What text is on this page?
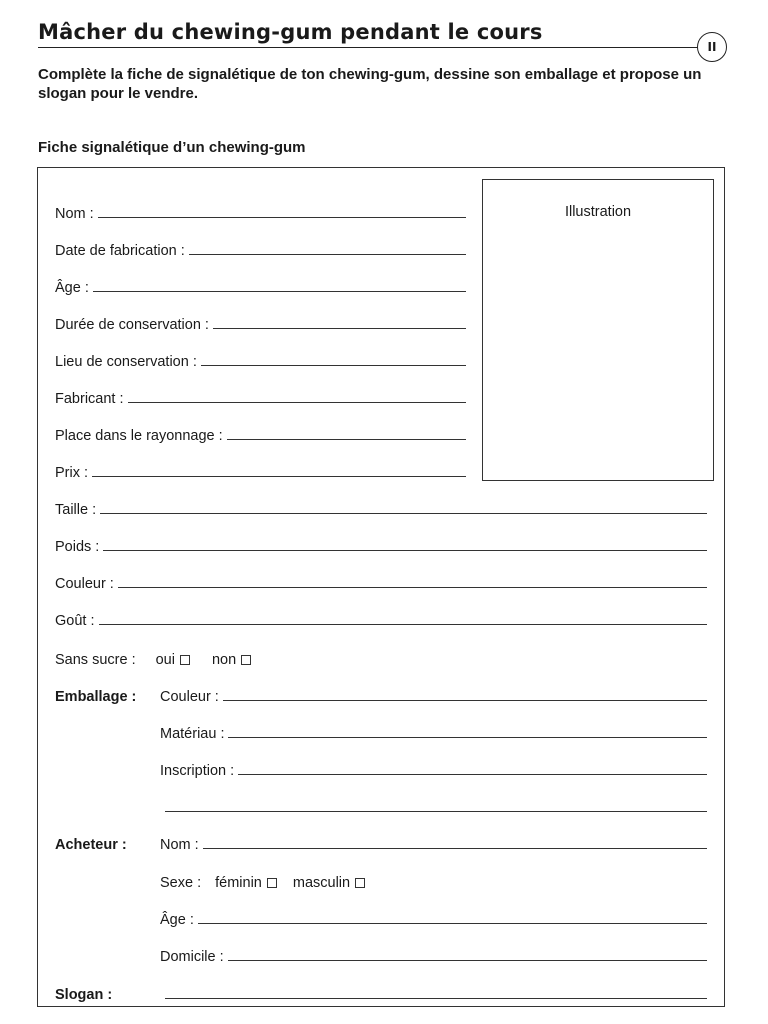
Mâcher du chewing-gum pendant le cours
II
Complète la fiche de signalétique de ton chewing-gum, dessine son emballage et propose un slogan pour le vendre.
Fiche signalétique d’un chewing-gum
Illustration
Nom :
Date de fabrication :
Âge :
Durée de conservation :
Lieu de conservation :
Fabricant :
Place dans le rayonnage :
Prix :
Taille :
Poids :
Couleur :
Goût :
Sans sucre : oui	non
Emballage : Couleur :
Matériau :
Inscription :
Acheteur : Nom :
Sexe : féminin masculin
Âge :
Domicile :
Slogan :
